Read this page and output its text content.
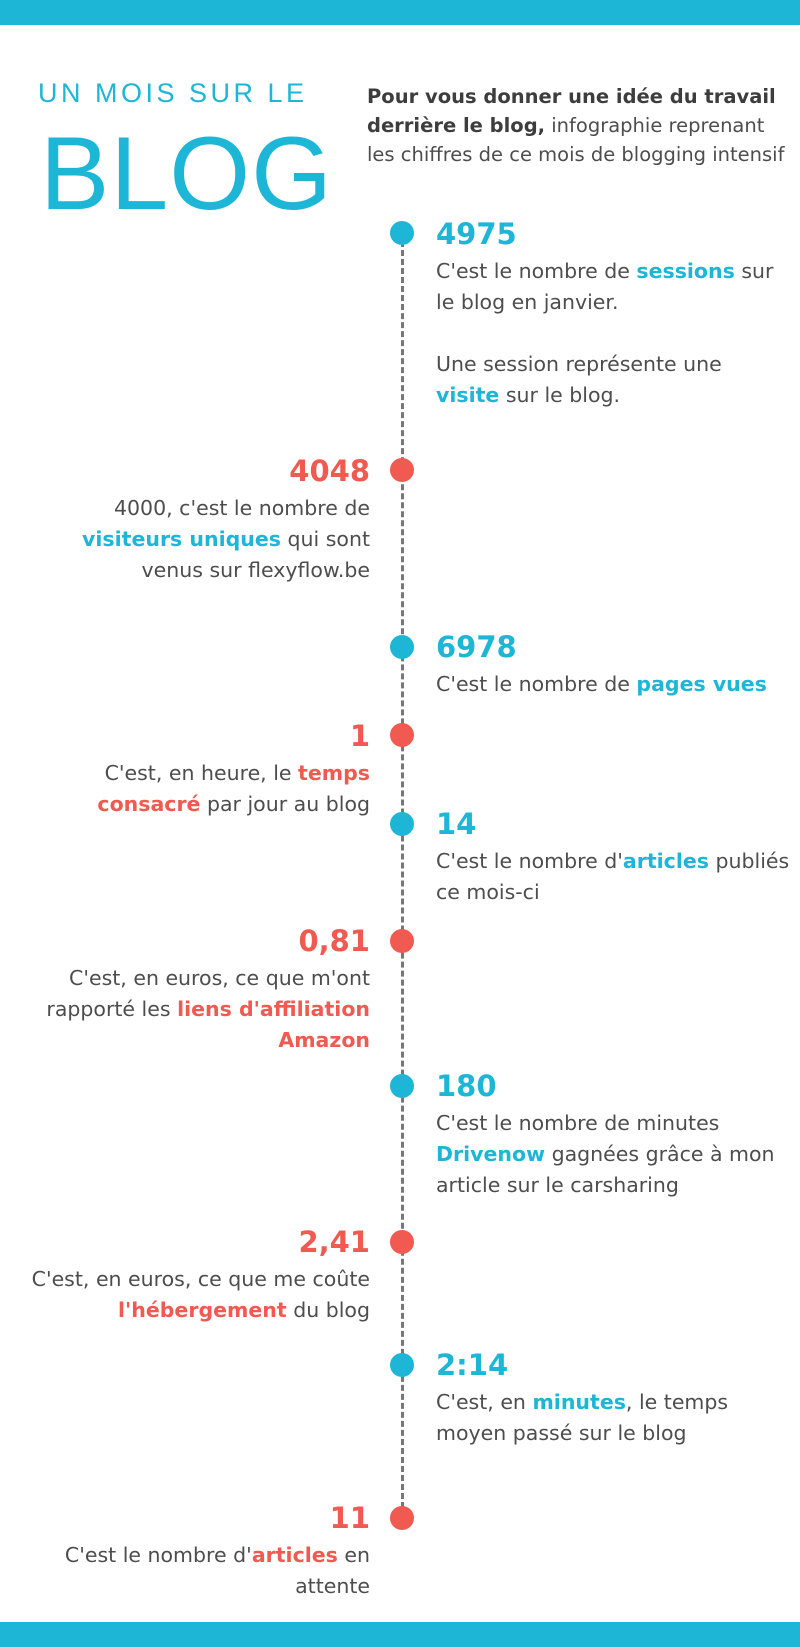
UN MOIS SUR LE
BLOG
Pour vous donner une idée du travail derrière le blog, infographie reprenant les chiffres de ce mois de blogging intensif
4975

C'est le nombre de sessions sur le blog en janvier.

Une session représente une visite sur le blog.

4048

4000, c'est le nombre de visiteurs uniques qui sont venus sur flexyflow.be

6978

C'est le nombre de pages vues

1

C'est, en heure, le temps consacré par jour au blog

14

C'est le nombre d'articles publiés ce mois-ci

0,81

C'est, en euros, ce que m'ont rapporté les liens d'affiliation Amazon

180

C'est le nombre de minutes Drivenow gagnées grâce à mon article sur le carsharing

2,41

C'est, en euros, ce que me coûte l'hébergement du blog

2:14

C'est, en minutes, le temps moyen passé sur le blog

11

C'est le nombre d'articles en attente
